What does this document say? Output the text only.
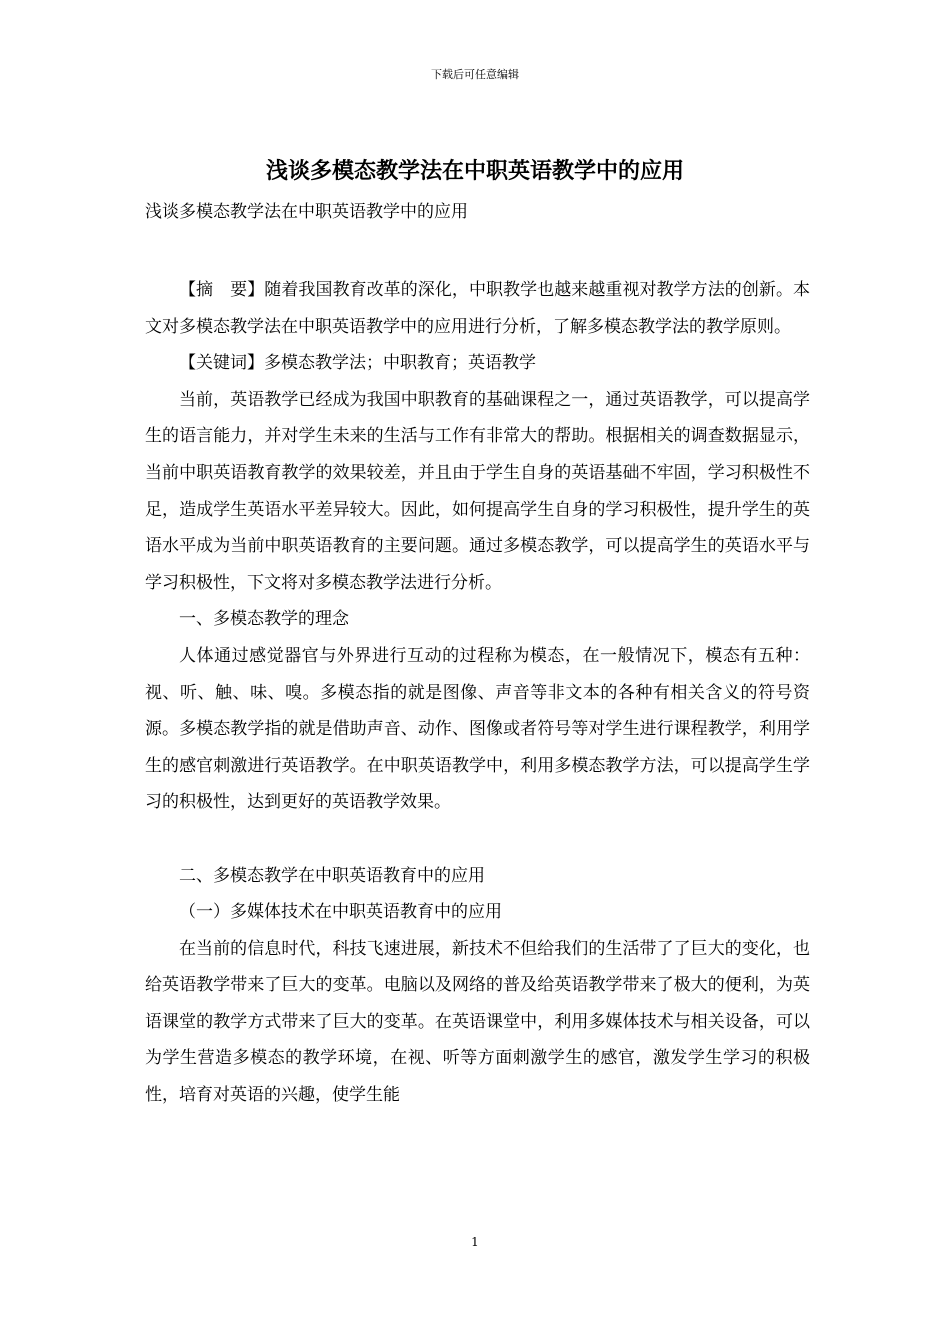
下载后可任意编辑
浅谈多模态教学法在中职英语教学中的应用
浅谈多模态教学法在中职英语教学中的应用

【摘　要】随着我国教育改革的深化，中职教学也越来越重视对教学方法的创新。本文对多模态教学法在中职英语教学中的应用进行分析，了解多模态教学法的教学原则。

【关键词】多模态教学法；中职教育；英语教学

当前，英语教学已经成为我国中职教育的基础课程之一，通过英语教学，可以提高学生的语言能力，并对学生未来的生活与工作有非常大的帮助。根据相关的调查数据显示，当前中职英语教育教学的效果较差，并且由于学生自身的英语基础不牢固，学习积极性不足，造成学生英语水平差异较大。因此，如何提高学生自身的学习积极性，提升学生的英语水平成为当前中职英语教育的主要问题。通过多模态教学，可以提高学生的英语水平与学习积极性，下文将对多模态教学法进行分析。

一、多模态教学的理念

人体通过感觉器官与外界进行互动的过程称为模态，在一般情况下，模态有五种：视、听、触、味、嗅。多模态指的就是图像、声音等非文本的各种有相关含义的符号资源。多模态教学指的就是借助声音、动作、图像或者符号等对学生进行课程教学，利用学生的感官刺激进行英语教学。在中职英语教学中，利用多模态教学方法，可以提高学生学习的积极性，达到更好的英语教学效果。

二、多模态教学在中职英语教育中的应用

（一）多媒体技术在中职英语教育中的应用

在当前的信息时代，科技飞速进展，新技术不但给我们的生活带了了巨大的变化，也给英语教学带来了巨大的变革。电脑以及网络的普及给英语教学带来了极大的便利，为英语课堂的教学方式带来了巨大的变革。在英语课堂中，利用多媒体技术与相关设备，可以为学生营造多模态的教学环境，在视、听等方面刺激学生的感官，激发学生学习的积极性，培育对英语的兴趣，使学生能

1
